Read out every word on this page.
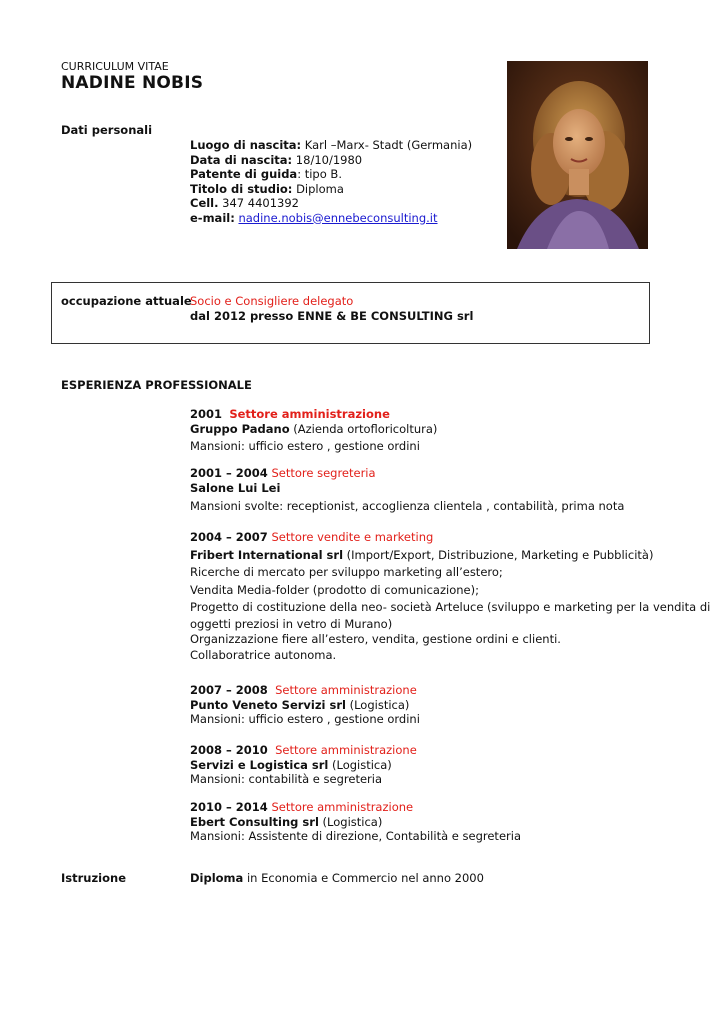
CURRICULUM VITAE
NADINE NOBIS
Dati personali
Luogo di nascita: Karl –Marx- Stadt (Germania)
Data di nascita: 18/10/1980
Patente di guida: tipo B.
Titolo di studio: Diploma
Cell. 347 4401392
e-mail: nadine.nobis@ennebeconsulting.it
occupazione attuale
Socio e Consigliere delegato
dal 2012 presso ENNE & BE CONSULTING srl
ESPERIENZA PROFESSIONALE
2001 Settore amministrazione
Gruppo Padano (Azienda ortofloricoltura)
Mansioni: ufficio estero , gestione ordini
2001 – 2004 Settore segreteria
Salone Lui Lei
Mansioni svolte: receptionist, accoglienza clientela , contabilità, prima nota
2004 – 2007 Settore vendite e marketing
Fribert International srl (Import/Export, Distribuzione, Marketing e Pubblicità)
Ricerche di mercato per sviluppo marketing all’estero;
Vendita Media-folder (prodotto di comunicazione);
Progetto di costituzione della neo- società Arteluce (sviluppo e marketing per la vendita di
oggetti preziosi in vetro di Murano)
Organizzazione fiere all’estero, vendita, gestione ordini e clienti.
Collaboratrice autonoma.
2007 – 2008 Settore amministrazione
Punto Veneto Servizi srl (Logistica)
Mansioni: ufficio estero , gestione ordini
2008 – 2010 Settore amministrazione
Servizi e Logistica srl (Logistica)
Mansioni: contabilità e segreteria
2010 – 2014 Settore amministrazione
Ebert Consulting srl (Logistica)
Mansioni: Assistente di direzione, Contabilità e segreteria
Istruzione	Diploma in Economia e Commercio nel anno 2000
